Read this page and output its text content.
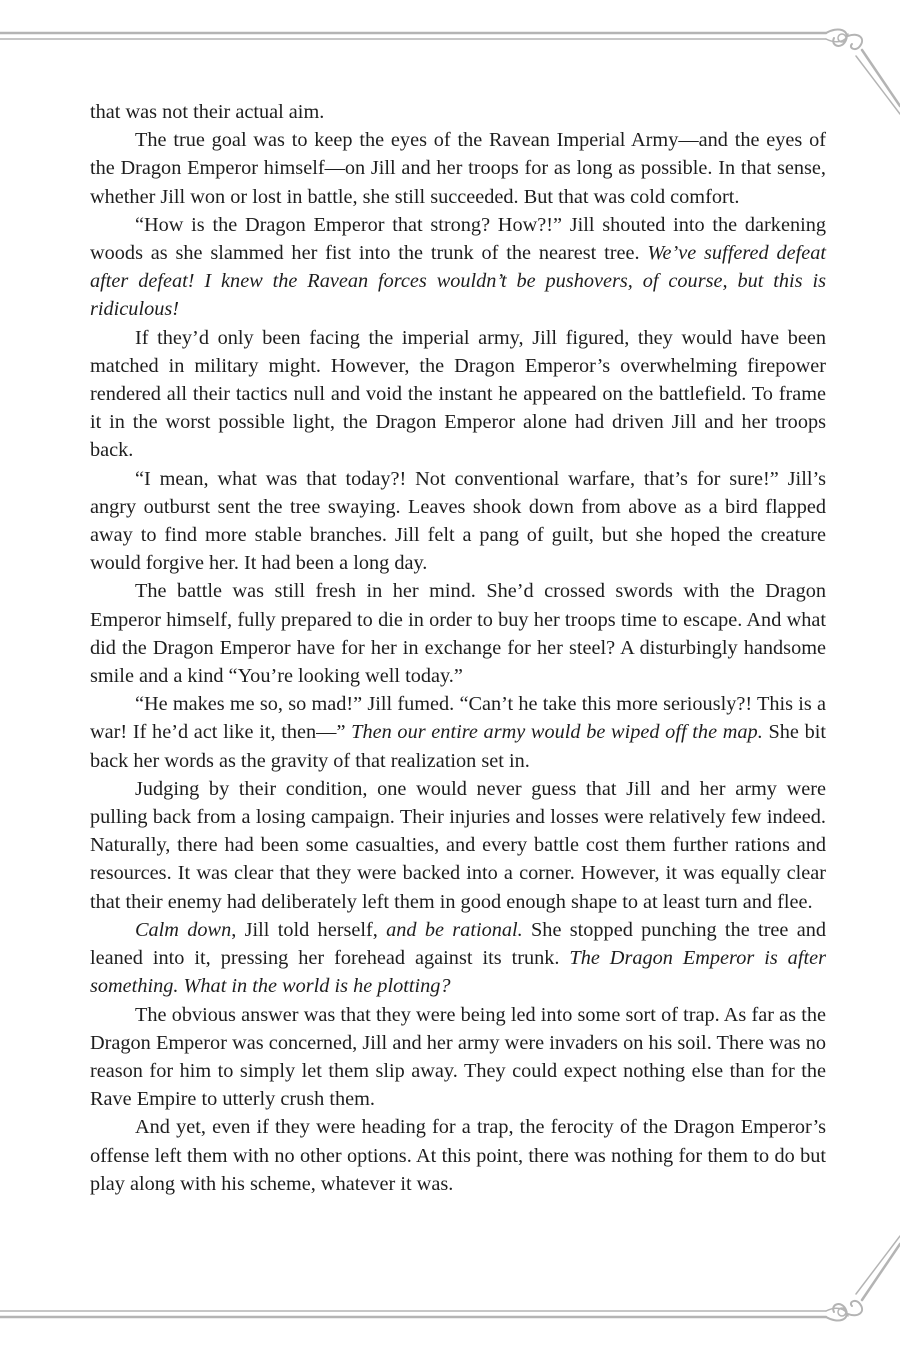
that was not their actual aim.

The true goal was to keep the eyes of the Ravean Imperial Army—and the eyes of the Dragon Emperor himself—on Jill and her troops for as long as possible. In that sense, whether Jill won or lost in battle, she still succeeded. But that was cold comfort.

“How is the Dragon Emperor that strong? How?!” Jill shouted into the darkening woods as she slammed her fist into the trunk of the nearest tree. We’ve suffered defeat after defeat! I knew the Ravean forces wouldn’t be pushovers, of course, but this is ridiculous!

If they’d only been facing the imperial army, Jill figured, they would have been matched in military might. However, the Dragon Emperor’s overwhelming firepower rendered all their tactics null and void the instant he appeared on the battlefield. To frame it in the worst possible light, the Dragon Emperor alone had driven Jill and her troops back.

“I mean, what was that today?! Not conventional warfare, that’s for sure!” Jill’s angry outburst sent the tree swaying. Leaves shook down from above as a bird flapped away to find more stable branches. Jill felt a pang of guilt, but she hoped the creature would forgive her. It had been a long day.

The battle was still fresh in her mind. She’d crossed swords with the Dragon Emperor himself, fully prepared to die in order to buy her troops time to escape. And what did the Dragon Emperor have for her in exchange for her steel? A disturbingly handsome smile and a kind “You’re looking well today.”

“He makes me so, so mad!” Jill fumed. “Can’t he take this more seriously?! This is a war! If he’d act like it, then—” Then our entire army would be wiped off the map. She bit back her words as the gravity of that realization set in.

Judging by their condition, one would never guess that Jill and her army were pulling back from a losing campaign. Their injuries and losses were relatively few indeed. Naturally, there had been some casualties, and every battle cost them further rations and resources. It was clear that they were backed into a corner. However, it was equally clear that their enemy had deliberately left them in good enough shape to at least turn and flee.

Calm down, Jill told herself, and be rational. She stopped punching the tree and leaned into it, pressing her forehead against its trunk. The Dragon Emperor is after something. What in the world is he plotting?

The obvious answer was that they were being led into some sort of trap. As far as the Dragon Emperor was concerned, Jill and her army were invaders on his soil. There was no reason for him to simply let them slip away. They could expect nothing else than for the Rave Empire to utterly crush them.

And yet, even if they were heading for a trap, the ferocity of the Dragon Emperor’s offense left them with no other options. At this point, there was nothing for them to do but play along with his scheme, whatever it was.
